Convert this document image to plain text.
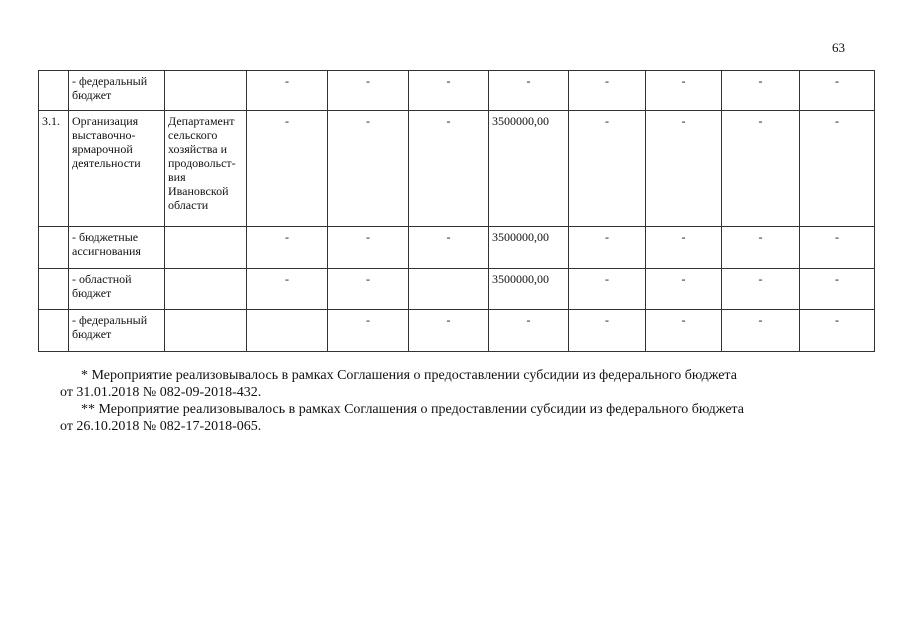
63
	- федеральный бюджет		-	-	-	-	-	-	-	-
3.1.	Организация выставочно-ярмарочной деятельности	Департамент сельского хозяйства и продовольст-вия Ивановской области	-	-	-	3500000,00	-	-	-	-
	- бюджетные ассигнования		-	-	-	3500000,00	-	-	-	-
	- областной бюджет		-	-		3500000,00	-	-	-	-
	- федеральный бюджет			-	-	-	-	-	-	-

* Мероприятие реализовывалось в рамках Соглашения о предоставлении субсидии из федерального бюджета

от 31.01.2018 № 082-09-2018-432.

** Мероприятие реализовывалось в рамках Соглашения о предоставлении субсидии из федерального бюджета

от 26.10.2018 № 082-17-2018-065.
